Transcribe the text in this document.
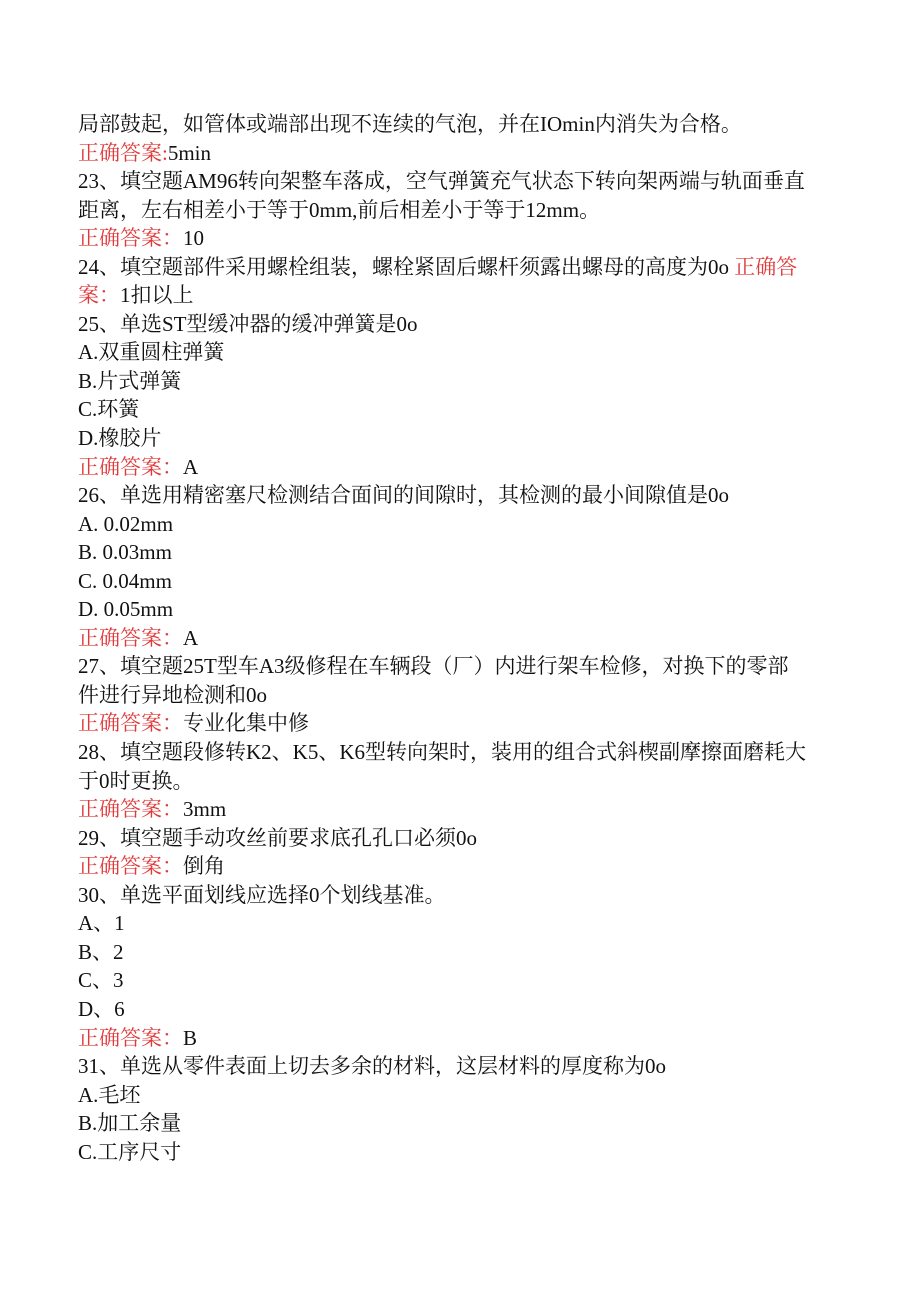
局部鼓起，如管体或端部出现不连续的气泡，并在IOmin内消失为合格。
正确答案:5min
23、填空题AM96转向架整车落成，空气弹簧充气状态下转向架两端与轨面垂直
距离，左右相差小于等于0mm,前后相差小于等于12mm。
正确答案：10
24、填空题部件采用螺栓组装，螺栓紧固后螺杆须露出螺母的高度为0o 正确答
案：1扣以上
25、单选ST型缓冲器的缓冲弹簧是0o
A.双重圆柱弹簧
B.片式弹簧
C.环簧
D.橡胶片
正确答案：A
26、单选用精密塞尺检测结合面间的间隙时，其检测的最小间隙值是0o
A. 0.02mm
B. 0.03mm
C. 0.04mm
D. 0.05mm
正确答案：A
27、填空题25T型车A3级修程在车辆段（厂）内进行架车检修，对换下的零部
件进行异地检测和0o
正确答案：专业化集中修
28、填空题段修转K2、K5、K6型转向架时，装用的组合式斜楔副摩擦面磨耗大
于0时更换。
正确答案：3mm
29、填空题手动攻丝前要求底孔孔口必须0o
正确答案：倒角
30、单选平面划线应选择0个划线基准。
A、1
B、2
C、3
D、6
正确答案：B
31、单选从零件表面上切去多余的材料，这层材料的厚度称为0o
A.毛坯
B.加工余量
C.工序尺寸
